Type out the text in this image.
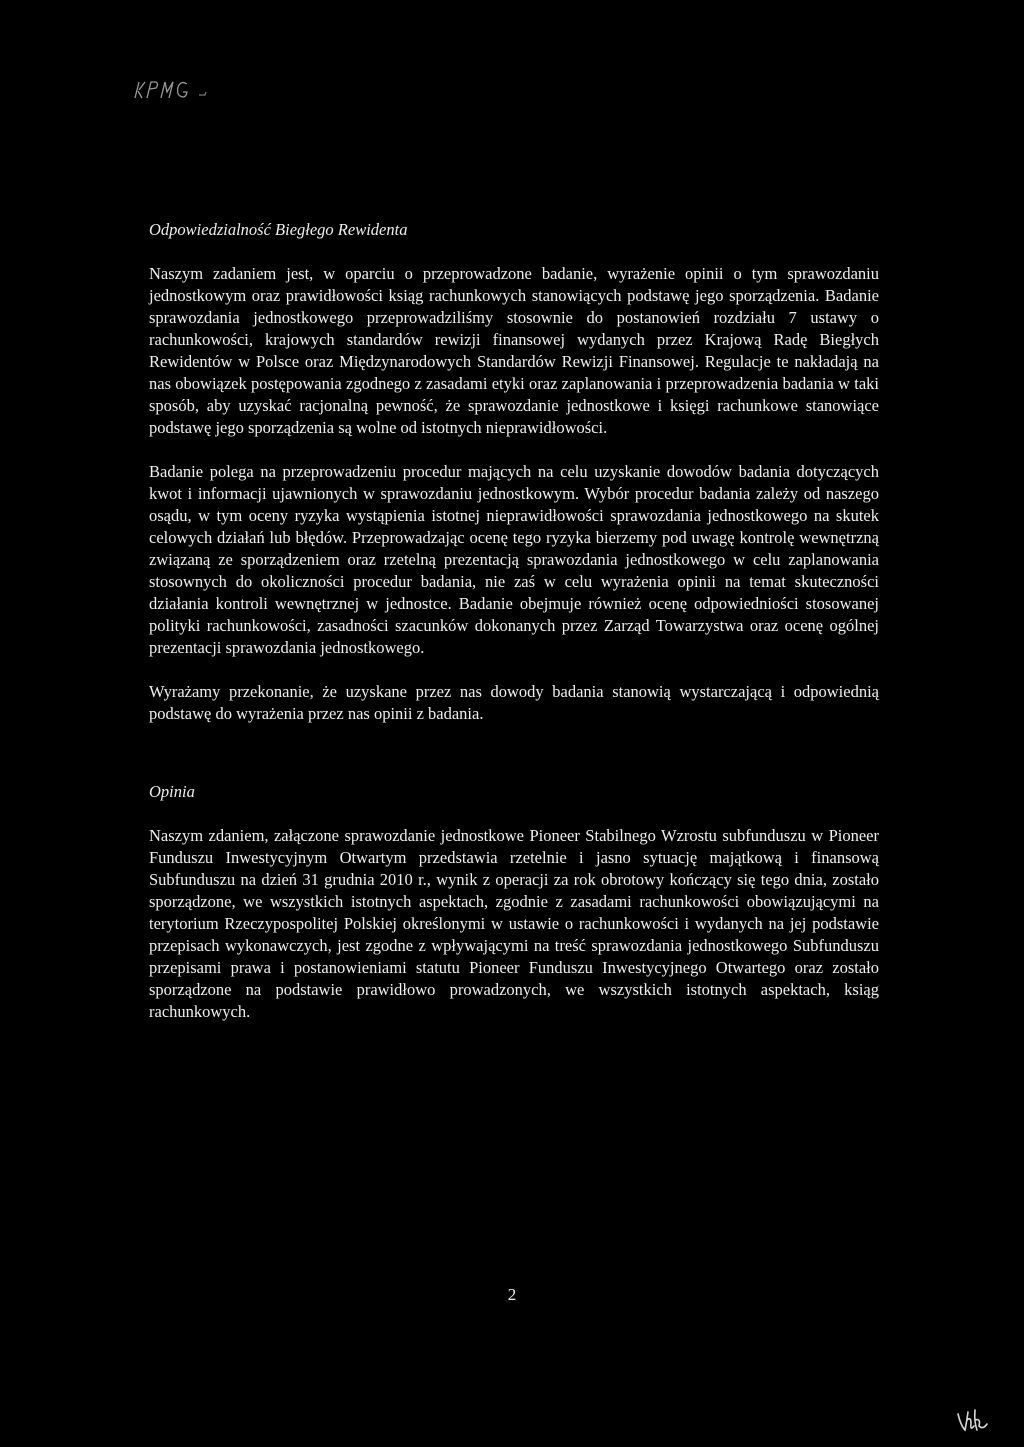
Odpowiedzialność Biegłego Rewidenta

Naszym zadaniem jest, w oparciu o przeprowadzone badanie, wyrażenie opinii o tym sprawozdaniu jednostkowym oraz prawidłowości ksiąg rachunkowych stanowiących podstawę jego sporządzenia. Badanie sprawozdania jednostkowego przeprowadziliśmy stosownie do postanowień rozdziału 7 ustawy o rachunkowości, krajowych standardów rewizji finansowej wydanych przez Krajową Radę Biegłych Rewidentów w Polsce oraz Międzynarodowych Standardów Rewizji Finansowej. Regulacje te nakładają na nas obowiązek postępowania zgodnego z zasadami etyki oraz zaplanowania i przeprowadzenia badania w taki sposób, aby uzyskać racjonalną pewność, że sprawozdanie jednostkowe i księgi rachunkowe stanowiące podstawę jego sporządzenia są wolne od istotnych nieprawidłowości.

Badanie polega na przeprowadzeniu procedur mających na celu uzyskanie dowodów badania dotyczących kwot i informacji ujawnionych w sprawozdaniu jednostkowym. Wybór procedur badania zależy od naszego osądu, w tym oceny ryzyka wystąpienia istotnej nieprawidłowości sprawozdania jednostkowego na skutek celowych działań lub błędów. Przeprowadzając ocenę tego ryzyka bierzemy pod uwagę kontrolę wewnętrzną związaną ze sporządzeniem oraz rzetelną prezentacją sprawozdania jednostkowego w celu zaplanowania stosownych do okoliczności procedur badania, nie zaś w celu wyrażenia opinii na temat skuteczności działania kontroli wewnętrznej w jednostce. Badanie obejmuje również ocenę odpowiedniości stosowanej polityki rachunkowości, zasadności szacunków dokonanych przez Zarząd Towarzystwa oraz ocenę ogólnej prezentacji sprawozdania jednostkowego.

Wyrażamy przekonanie, że uzyskane przez nas dowody badania stanowią wystarczającą i odpowiednią podstawę do wyrażenia przez nas opinii z badania.

Opinia

Naszym zdaniem, załączone sprawozdanie jednostkowe Pioneer Stabilnego Wzrostu subfunduszu w Pioneer Funduszu Inwestycyjnym Otwartym przedstawia rzetelnie i jasno sytuację majątkową i finansową Subfunduszu na dzień 31 grudnia 2010 r., wynik z operacji za rok obrotowy kończący się tego dnia, zostało sporządzone, we wszystkich istotnych aspektach, zgodnie z zasadami rachunkowości obowiązującymi na terytorium Rzeczypospolitej Polskiej określonymi w ustawie o rachunkowości i wydanych na jej podstawie przepisach wykonawczych, jest zgodne z wpływającymi na treść sprawozdania jednostkowego Subfunduszu przepisami prawa i postanowieniami statutu Pioneer Funduszu Inwestycyjnego Otwartego oraz zostało sporządzone na podstawie prawidłowo prowadzonych, we wszystkich istotnych aspektach, ksiąg rachunkowych.

2
